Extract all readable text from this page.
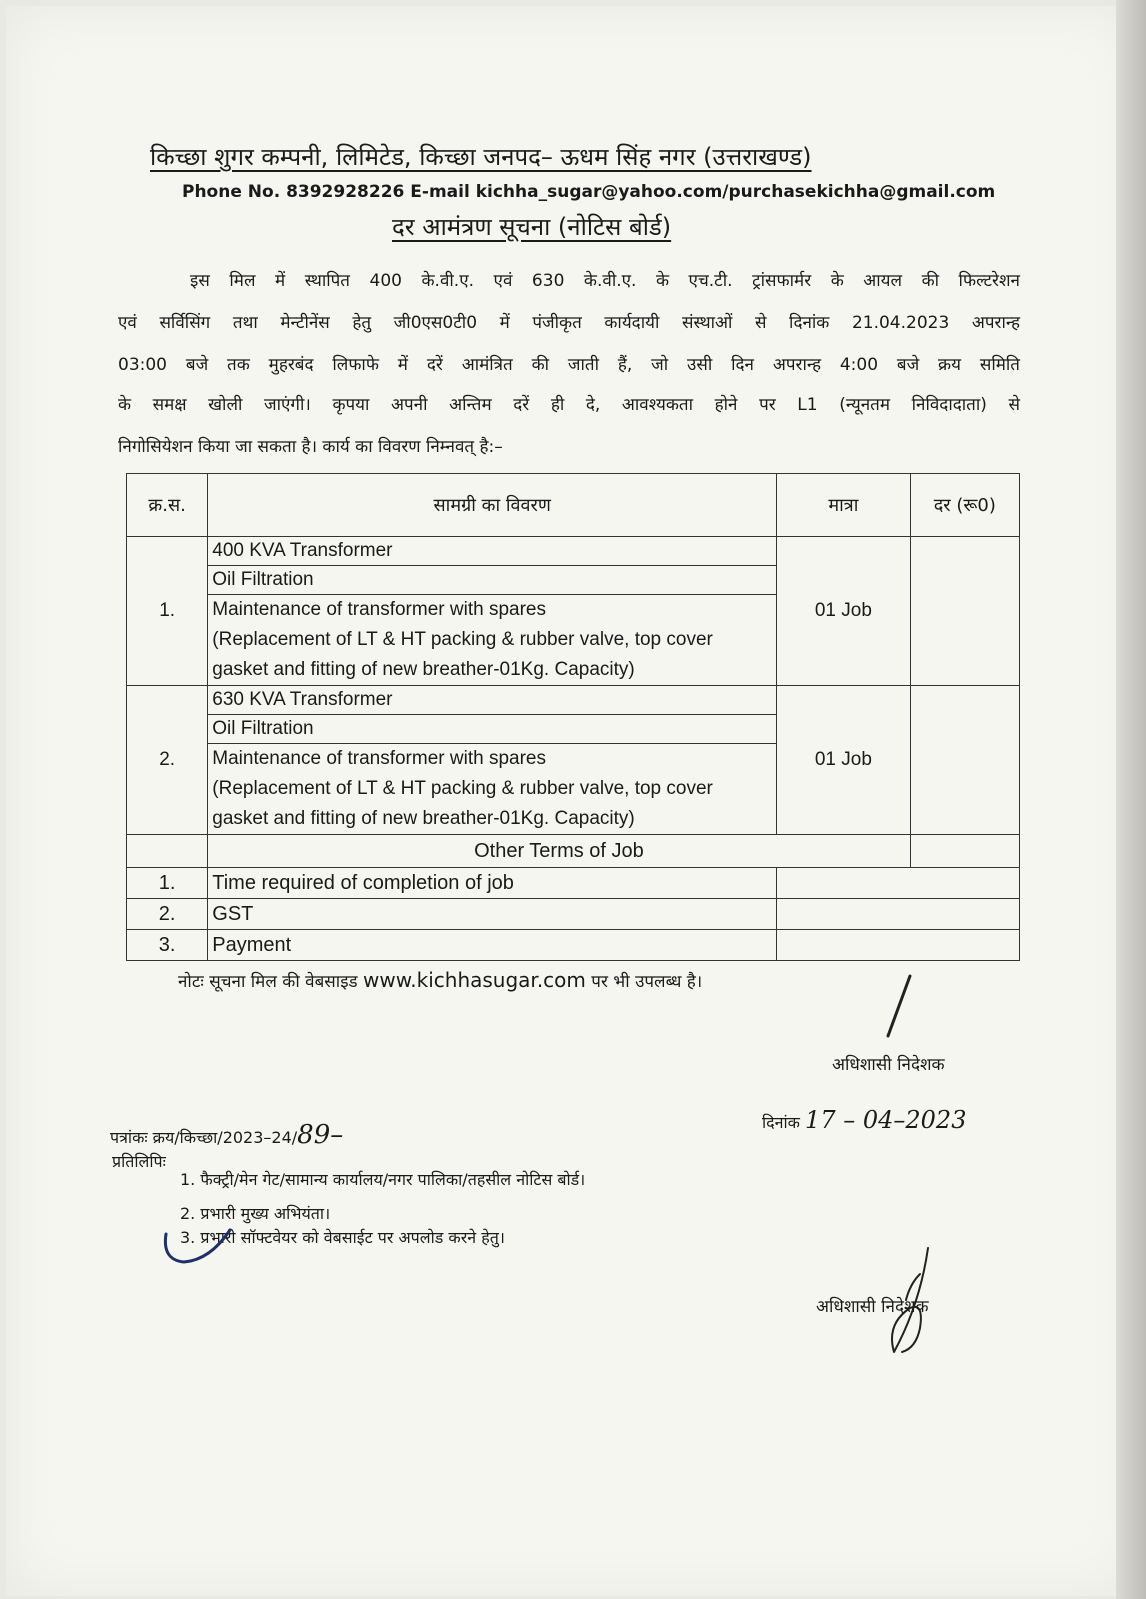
किच्छा शुगर कम्पनी, लिमिटेड, किच्छा जनपद– ऊधम सिंह नगर (उत्तराखण्ड)
Phone No. 8392928226 E-mail kichha_sugar@yahoo.com/purchasekichha@gmail.com
दर आमंत्रण सूचना (नोटिस बोर्ड)
इस मिल में स्थापित 400 के.वी.ए. एवं 630 के.वी.ए. के एच.टी. ट्रांसफार्मर के आयल की फिल्टरेशन
एवं सर्विसिंग तथा मेन्टीनेंस हेतु जी0एस0टी0 में पंजीकृत कार्यदायी संस्थाओं से दिनांक 21.04.2023 अपरान्ह
03:00 बजे तक मुहरबंद लिफाफे में दरें आमंत्रित की जाती हैं, जो उसी दिन अपरान्ह 4:00 बजे क्रय समिति
के समक्ष खोली जाएंगी। कृपया अपनी अन्तिम दरें ही दे, आवश्यकता होने पर L1 (न्यूनतम निविदादाता) से
निगोसियेशन किया जा सकता है। कार्य का विवरण निम्नवत् है:–
क्र.स.	सामग्री का विवरण	मात्रा	दर (रू0)
1.	400 KVA Transformer
Oil Filtration
Maintenance of transformer with spares
(Replacement of LT & HT packing & rubber valve, top cover gasket and fitting of new breather-01Kg. Capacity)	01 Job	
2.	630 KVA Transformer
Oil Filtration
Maintenance of transformer with spares
(Replacement of LT & HT packing & rubber valve, top cover gasket and fitting of new breather-01Kg. Capacity)	01 Job	
	Other Terms of Job		
1.	Time required of completion of job		
2.	GST		
3.	Payment		
नोटः सूचना मिल की वेबसाइड www.kichhasugar.com पर भी उपलब्ध है।
अधिशासी निदेशक
दिनांक 17 – 04–2023
पत्रांकः क्रय/किच्छा/2023–24/89–
प्रतिलिपिः
1. फैक्ट्री/मेन गेट/सामान्य कार्यालय/नगर पालिका/तहसील नोटिस बोर्ड।
2. प्रभारी मुख्य अभियंता।
3. प्रभारी सॉफ्टवेयर को वेबसाईट पर अपलोड करने हेतु।
अधिशासी निदेशक
